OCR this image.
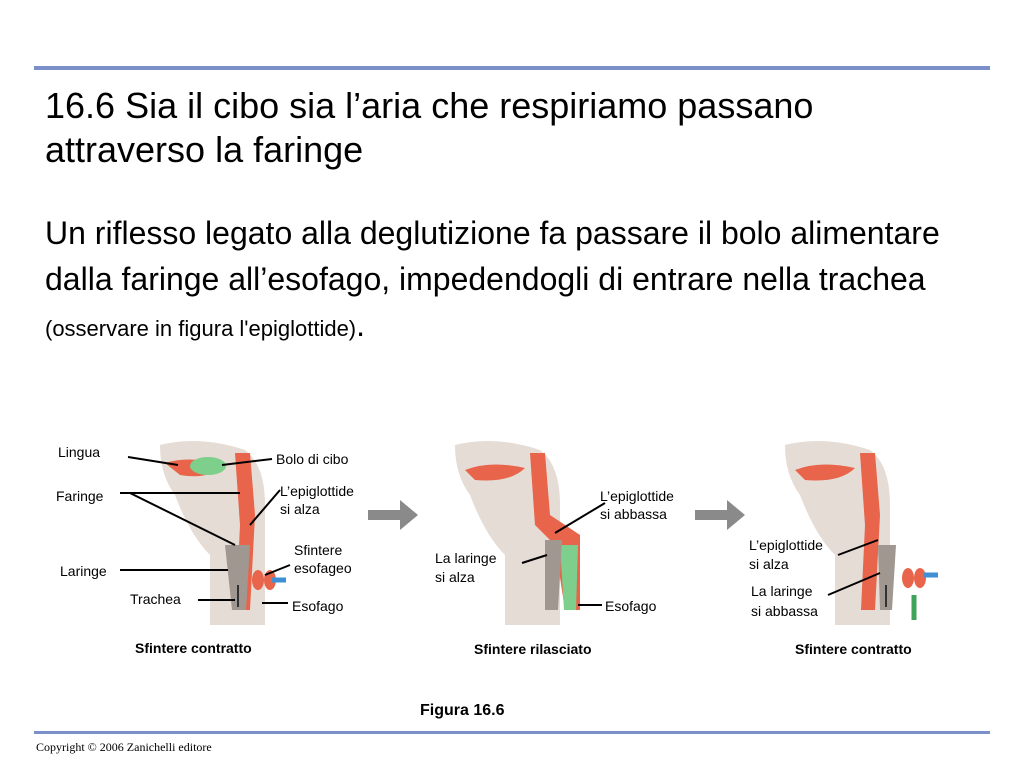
16.6 Sia il cibo sia l’aria che respiriamo passano attraverso la faringe

Un riflesso legato alla deglutizione fa passare il bolo alimentare dalla faringe all’esofago, impedendogli di entrare nella trachea (osservare in figura l'epiglottide).

Lingua
Faringe
Laringe
Trachea
Bolo di cibo
L’epiglottide
si alza
Sfintere
esofageo
Esofago
Sfintere contratto
L’epiglottide
si abbassa
La laringe
si alza
Esofago
Sfintere rilasciato
L’epiglottide
si alza
La laringe
si abbassa
Sfintere contratto
Figura 16.6
Copyright © 2006 Zanichelli editore
